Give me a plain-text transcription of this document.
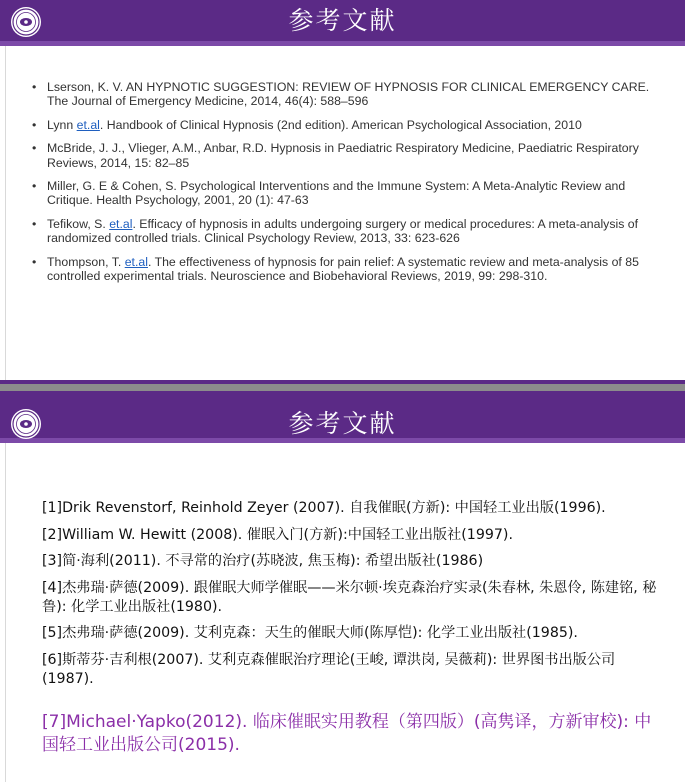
参考文献
• Lserson, K. V. AN HYPNOTIC SUGGESTION: REVIEW OF HYPNOSIS FOR CLINICAL EMERGENCY CARE. The Journal of Emergency Medicine, 2014, 46(4): 588–596
• Lynn et.al. Handbook of Clinical Hypnosis (2nd edition). American Psychological Association, 2010
• McBride, J. J., Vlieger, A.M., Anbar, R.D. Hypnosis in Paediatric Respiratory Medicine, Paediatric Respiratory Reviews, 2014, 15: 82–85
• Miller, G. E & Cohen, S. Psychological Interventions and the Immune System: A Meta-Analytic Review and Critique. Health Psychology, 2001, 20 (1): 47-63
• Tefikow, S. et.al. Efficacy of hypnosis in adults undergoing surgery or medical procedures: A meta-analysis of randomized controlled trials. Clinical Psychology Review, 2013, 33: 623-626
• Thompson, T. et.al. The effectiveness of hypnosis for pain relief: A systematic review and meta-analysis of 85 controlled experimental trials. Neuroscience and Biobehavioral Reviews, 2019, 99: 298-310.
参考文献

[1]Drik Revenstorf, Reinhold Zeyer (2007). 自我催眠(方新): 中国轻工业出版(1996).

[2]William W. Hewitt (2008). 催眠入门(方新):中国轻工业出版社(1997).

[3]简·海利(2011). 不寻常的治疗(苏晓波, 焦玉梅): 希望出版社(1986)

[4]杰弗瑞·萨德(2009). 跟催眠大师学催眠——米尔顿·埃克森治疗实录(朱春林, 朱恩伶, 陈建铭, 秘鲁): 化学工业出版社(1980).

[5]杰弗瑞·萨德(2009). 艾利克森：天生的催眠大师(陈厚恺): 化学工业出版社(1985).

[6]斯蒂芬·吉利根(2007). 艾利克森催眠治疗理论(王峻, 谭洪岗, 吴薇莉): 世界图书出版公司(1987).

[7]Michael·Yapko(2012). 临床催眠实用教程（第四版）(高隽译，方新审校): 中国轻工业出版公司(2015).
